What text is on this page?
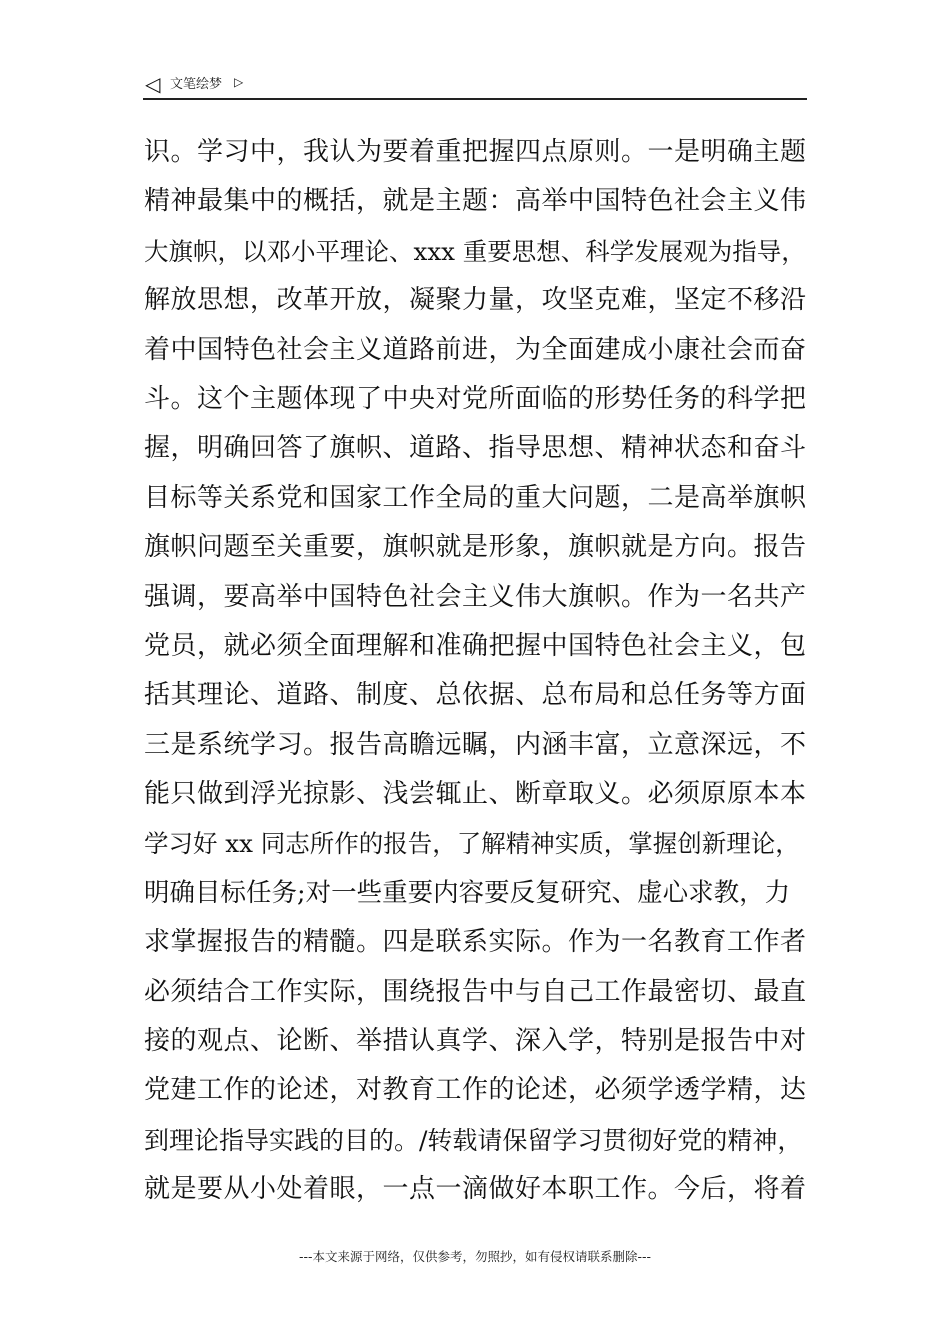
◁ 文笔绘梦 ▷
识。学习中，我认为要着重把握四点原则。一是明确主题
精神最集中的概括，就是主题：高举中国特色社会主义伟
大旗帜，以邓小平理论、xxx 重要思想、科学发展观为指导，
解放思想，改革开放，凝聚力量，攻坚克难，坚定不移沿
着中国特色社会主义道路前进，为全面建成小康社会而奋
斗。这个主题体现了中央对党所面临的形势任务的科学把
握，明确回答了旗帜、道路、指导思想、精神状态和奋斗
目标等关系党和国家工作全局的重大问题，二是高举旗帜
旗帜问题至关重要，旗帜就是形象，旗帜就是方向。报告
强调，要高举中国特色社会主义伟大旗帜。作为一名共产
党员，就必须全面理解和准确把握中国特色社会主义，包
括其理论、道路、制度、总依据、总布局和总任务等方面
三是系统学习。报告高瞻远瞩，内涵丰富，立意深远，不
能只做到浮光掠影、浅尝辄止、断章取义。必须原原本本
学习好 xx 同志所作的报告，了解精神实质，掌握创新理论，
明确目标任务;对一些重要内容要反复研究、虚心求教，力
求掌握报告的精髓。四是联系实际。作为一名教育工作者
必须结合工作实际，围绕报告中与自己工作最密切、最直
接的观点、论断、举措认真学、深入学，特别是报告中对
党建工作的论述，对教育工作的论述，必须学透学精，达
到理论指导实践的目的。/转载请保留学习贯彻好党的精神，
就是要从小处着眼，一点一滴做好本职工作。今后，将着
---本文来源于网络，仅供参考，勿照抄，如有侵权请联系删除---
